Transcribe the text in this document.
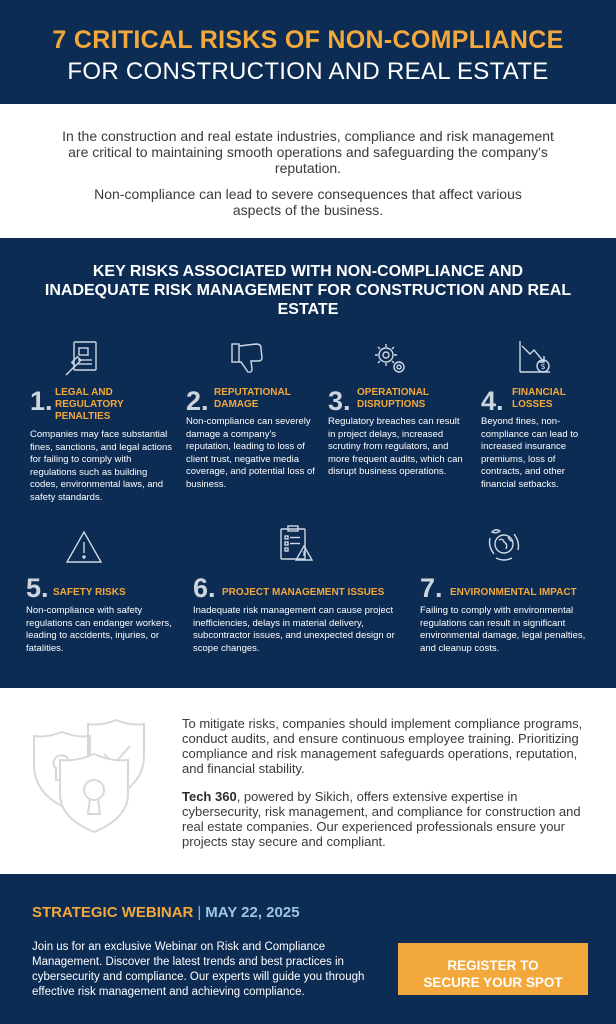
7 CRITICAL RISKS OF NON-COMPLIANCE
FOR CONSTRUCTION AND REAL ESTATE

In the construction and real estate industries, compliance and risk management are critical to maintaining smooth operations and safeguarding the company's reputation.

Non-compliance can lead to severe consequences that affect various aspects of the business.

KEY RISKS ASSOCIATED WITH NON-COMPLIANCE AND INADEQUATE RISK MANAGEMENT FOR CONSTRUCTION AND REAL ESTATE
1. LEGAL AND REGULATORY PENALTIES
Companies may face substantial fines, sanctions, and legal actions for failing to comply with regulations such as building codes, environmental laws, and safety standards.
2. REPUTATIONAL DAMAGE
Non-compliance can severely damage a company's reputation, leading to loss of client trust, negative media coverage, and potential loss of business.
3. OPERATIONAL DISRUPTIONS
Regulatory breaches can result in project delays, increased scrutiny from regulators, and more frequent audits, which can disrupt business operations.
$
4. FINANCIAL LOSSES
Beyond fines, non-compliance can lead to increased insurance premiums, loss of contracts, and other financial setbacks.
5. SAFETY RISKS
Non-compliance with safety regulations can endanger workers, leading to accidents, injuries, or fatalities.
6. PROJECT MANAGEMENT ISSUES
Inadequate risk management can cause project inefficiencies, delays in material delivery, subcontractor issues, and unexpected design or scope changes.
7. ENVIRONMENTAL IMPACT
Failing to comply with environmental regulations can result in significant environmental damage, legal penalties, and cleanup costs.

To mitigate risks, companies should implement compliance programs, conduct audits, and ensure continuous employee training. Prioritizing compliance and risk management safeguards operations, reputation, and financial stability.

Tech 360, powered by Sikich, offers extensive expertise in cybersecurity, risk management, and compliance for construction and real estate companies. Our experienced professionals ensure your projects stay secure and compliant.

STRATEGIC WEBINAR | MAY 22, 2025

Join us for an exclusive Webinar on Risk and Compliance Management. Discover the latest trends and best practices in cybersecurity and compliance. Our experts will guide you through effective risk management and achieving compliance.

REGISTER TO
SECURE YOUR SPOT
